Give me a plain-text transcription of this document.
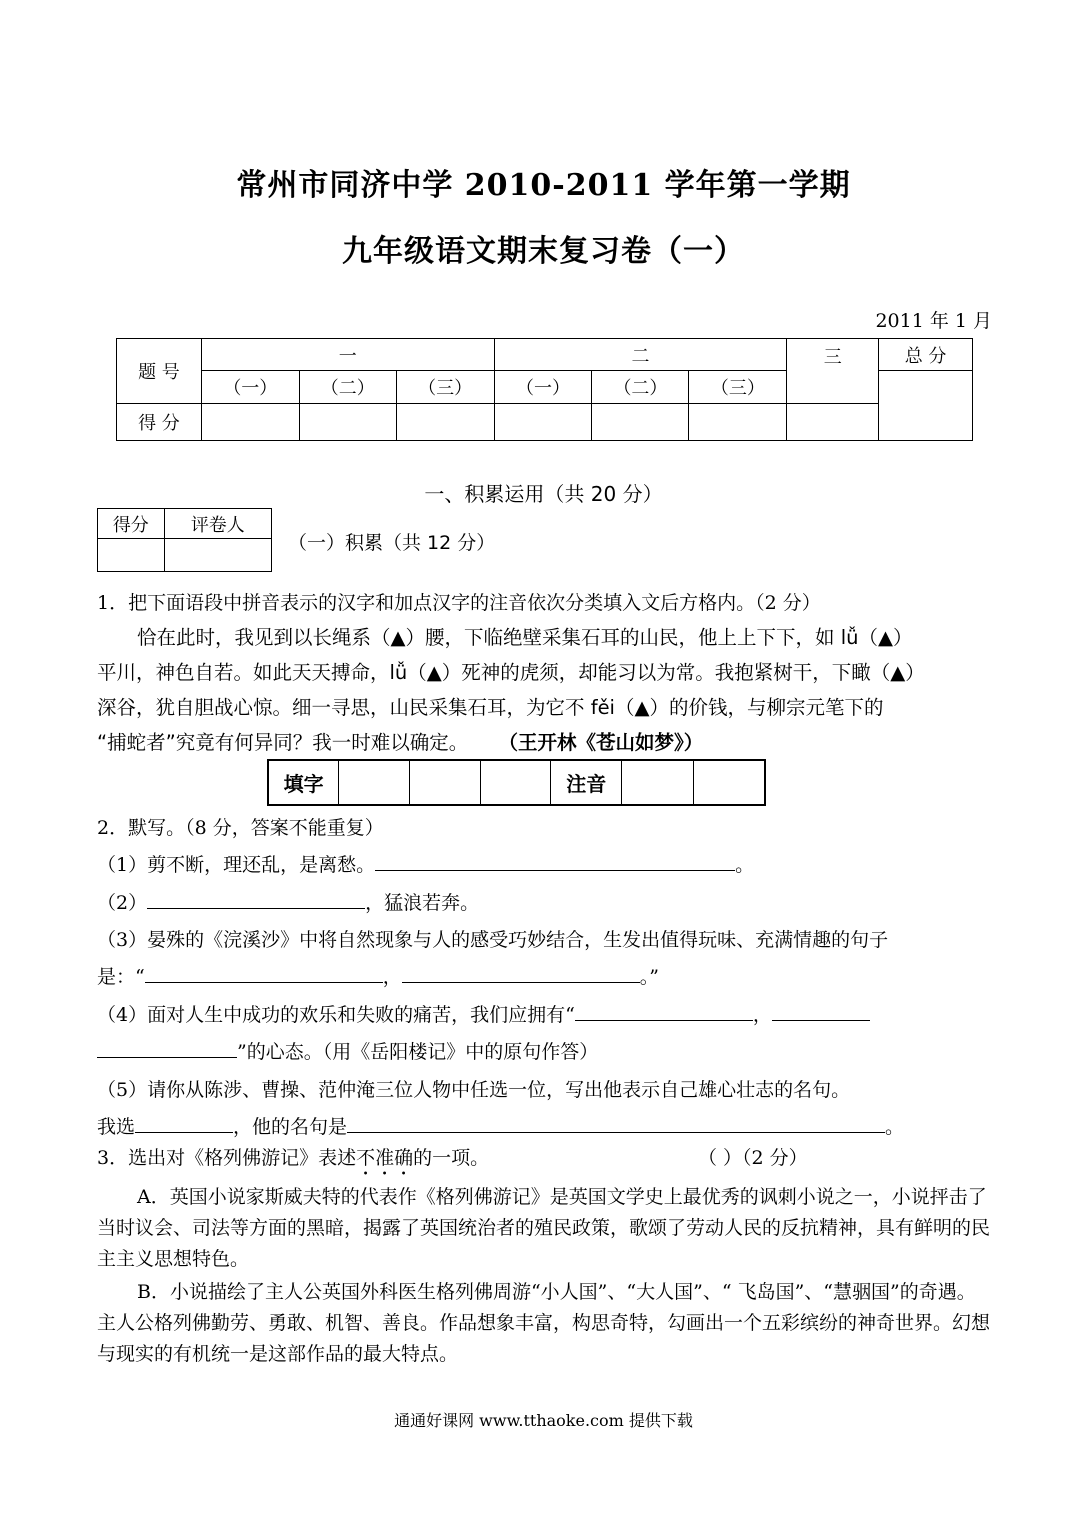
常州市同济中学 2010-2011 学年第一学期
九年级语文期末复习卷（一）
2011 年 1 月
题 号	一			二			三	总 分
	（一）	（二）	（三）	（一）	（二）	（三）		
得 分								
一、积累运用（共 20 分）
得分	评卷人

（一）积累（共 12 分）
1．把下面语段中拼音表示的汉字和加点汉字的注音依次分类填入文后方格内。（2 分）
恰在此时，我见到以长绳系（▲）腰，下临绝壁采集石耳的山民，他上上下下，如 lǚ（▲）
平川，神色自若。如此天天搏命，lǚ（▲）死神的虎须，却能习以为常。我抱紧树干，下瞰（▲）
深谷，犹自胆战心惊。细一寻思，山民采集石耳，为它不 fěi（▲）的价钱，与柳宗元笔下的
“捕蛇者”究竟有何异同？我一时难以确定。 （王开林《苍山如梦》）
填字				注音		
2．默写。（8 分，答案不能重复）
（1）剪不断，理还乱，是离愁。	。
（2）	，猛浪若奔。
（3）晏殊的《浣溪沙》中将自然现象与人的感受巧妙结合，生发出值得玩味、充满情趣的句子
是：“	，	。”
（4）面对人生中成功的欢乐和失败的痛苦，我们应拥有“	，
”的心态。（用《岳阳楼记》中的原句作答）
（5）请你从陈涉、曹操、范仲淹三位人物中任选一位，写出他表示自己雄心壮志的名句。
我选	，他的名句是	。
3．选出对《格列佛游记》表述不准确的一项。	（ ）（2 分）
A．英国小说家斯威夫特的代表作《格列佛游记》是英国文学史上最优秀的讽刺小说之一，小说抨击了当时议会、司法等方面的黑暗，揭露了英国统治者的殖民政策，歌颂了劳动人民的反抗精神，具有鲜明的民主主义思想特色。
B．小说描绘了主人公英国外科医生格列佛周游“小人国”、“大人国”、“ 飞岛国”、“慧骃国”的奇遇。主人公格列佛勤劳、勇敢、机智、善良。作品想象丰富，构思奇特，勾画出一个五彩缤纷的神奇世界。幻想与现实的有机统一是这部作品的最大特点。
通通好课网 www.tthaoke.com 提供下载
